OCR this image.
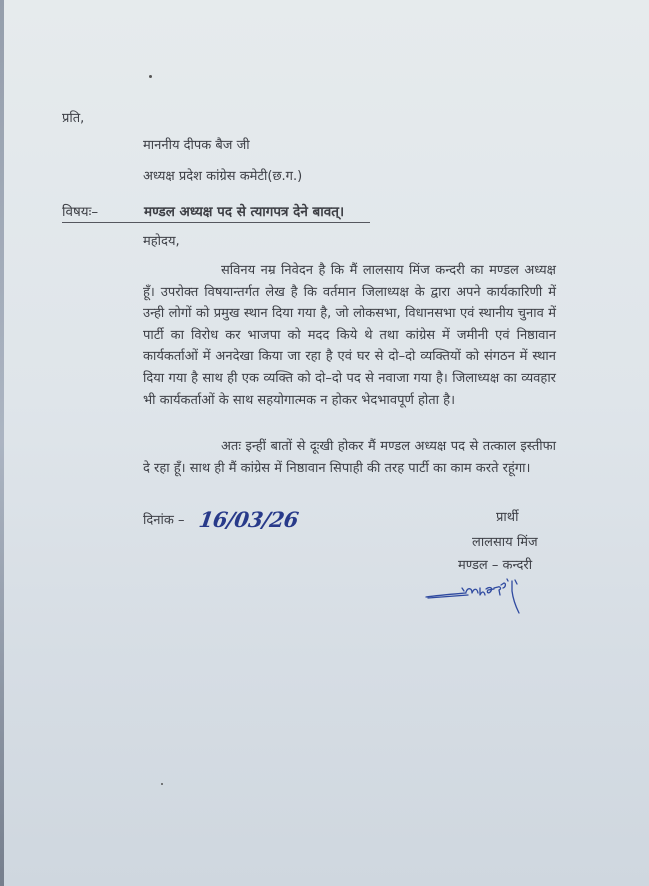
प्रति,
माननीय दीपक बैज जी
अध्यक्ष प्रदेश कांग्रेस कमेटी(छ.ग.)
विषयः–	मण्डल अध्यक्ष पद से त्यागपत्र देने बावत्।
महोदय,
सविनय नम्र निवेदन है कि मैं लालसाय मिंज कन्दरी का मण्डल अध्यक्ष हूँ। उपरोक्त विषयान्तर्गत लेख है कि वर्तमान जिलाध्यक्ष के द्वारा अपने कार्यकारिणी में उन्ही लोगों को प्रमुख स्थान दिया गया है, जो लोकसभा, विधानसभा एवं स्थानीय चुनाव में पार्टी का विरोध कर भाजपा को मदद किये थे तथा कांग्रेस में जमीनी एवं निष्ठावान कार्यकर्ताओं में अनदेखा किया जा रहा है एवं घर से दो–दो व्यक्तियों को संगठन में स्थान दिया गया है साथ ही एक व्यक्ति को दो–दो पद से नवाजा गया है। जिलाध्यक्ष का व्यवहार भी कार्यकर्ताओं के साथ सहयोगात्मक न होकर भेदभावपूर्ण होता है।
अतः इन्हीं बातों से दूःखी होकर मैं मण्डल अध्यक्ष पद से तत्काल इस्तीफा दे रहा हूँ। साथ ही मैं कांग्रेस में निष्ठावान सिपाही की तरह पार्टी का काम करते रहूंगा।
दिनांक – 16/03/26	प्रार्थी
लालसाय मिंज
मण्डल – कन्दरी
